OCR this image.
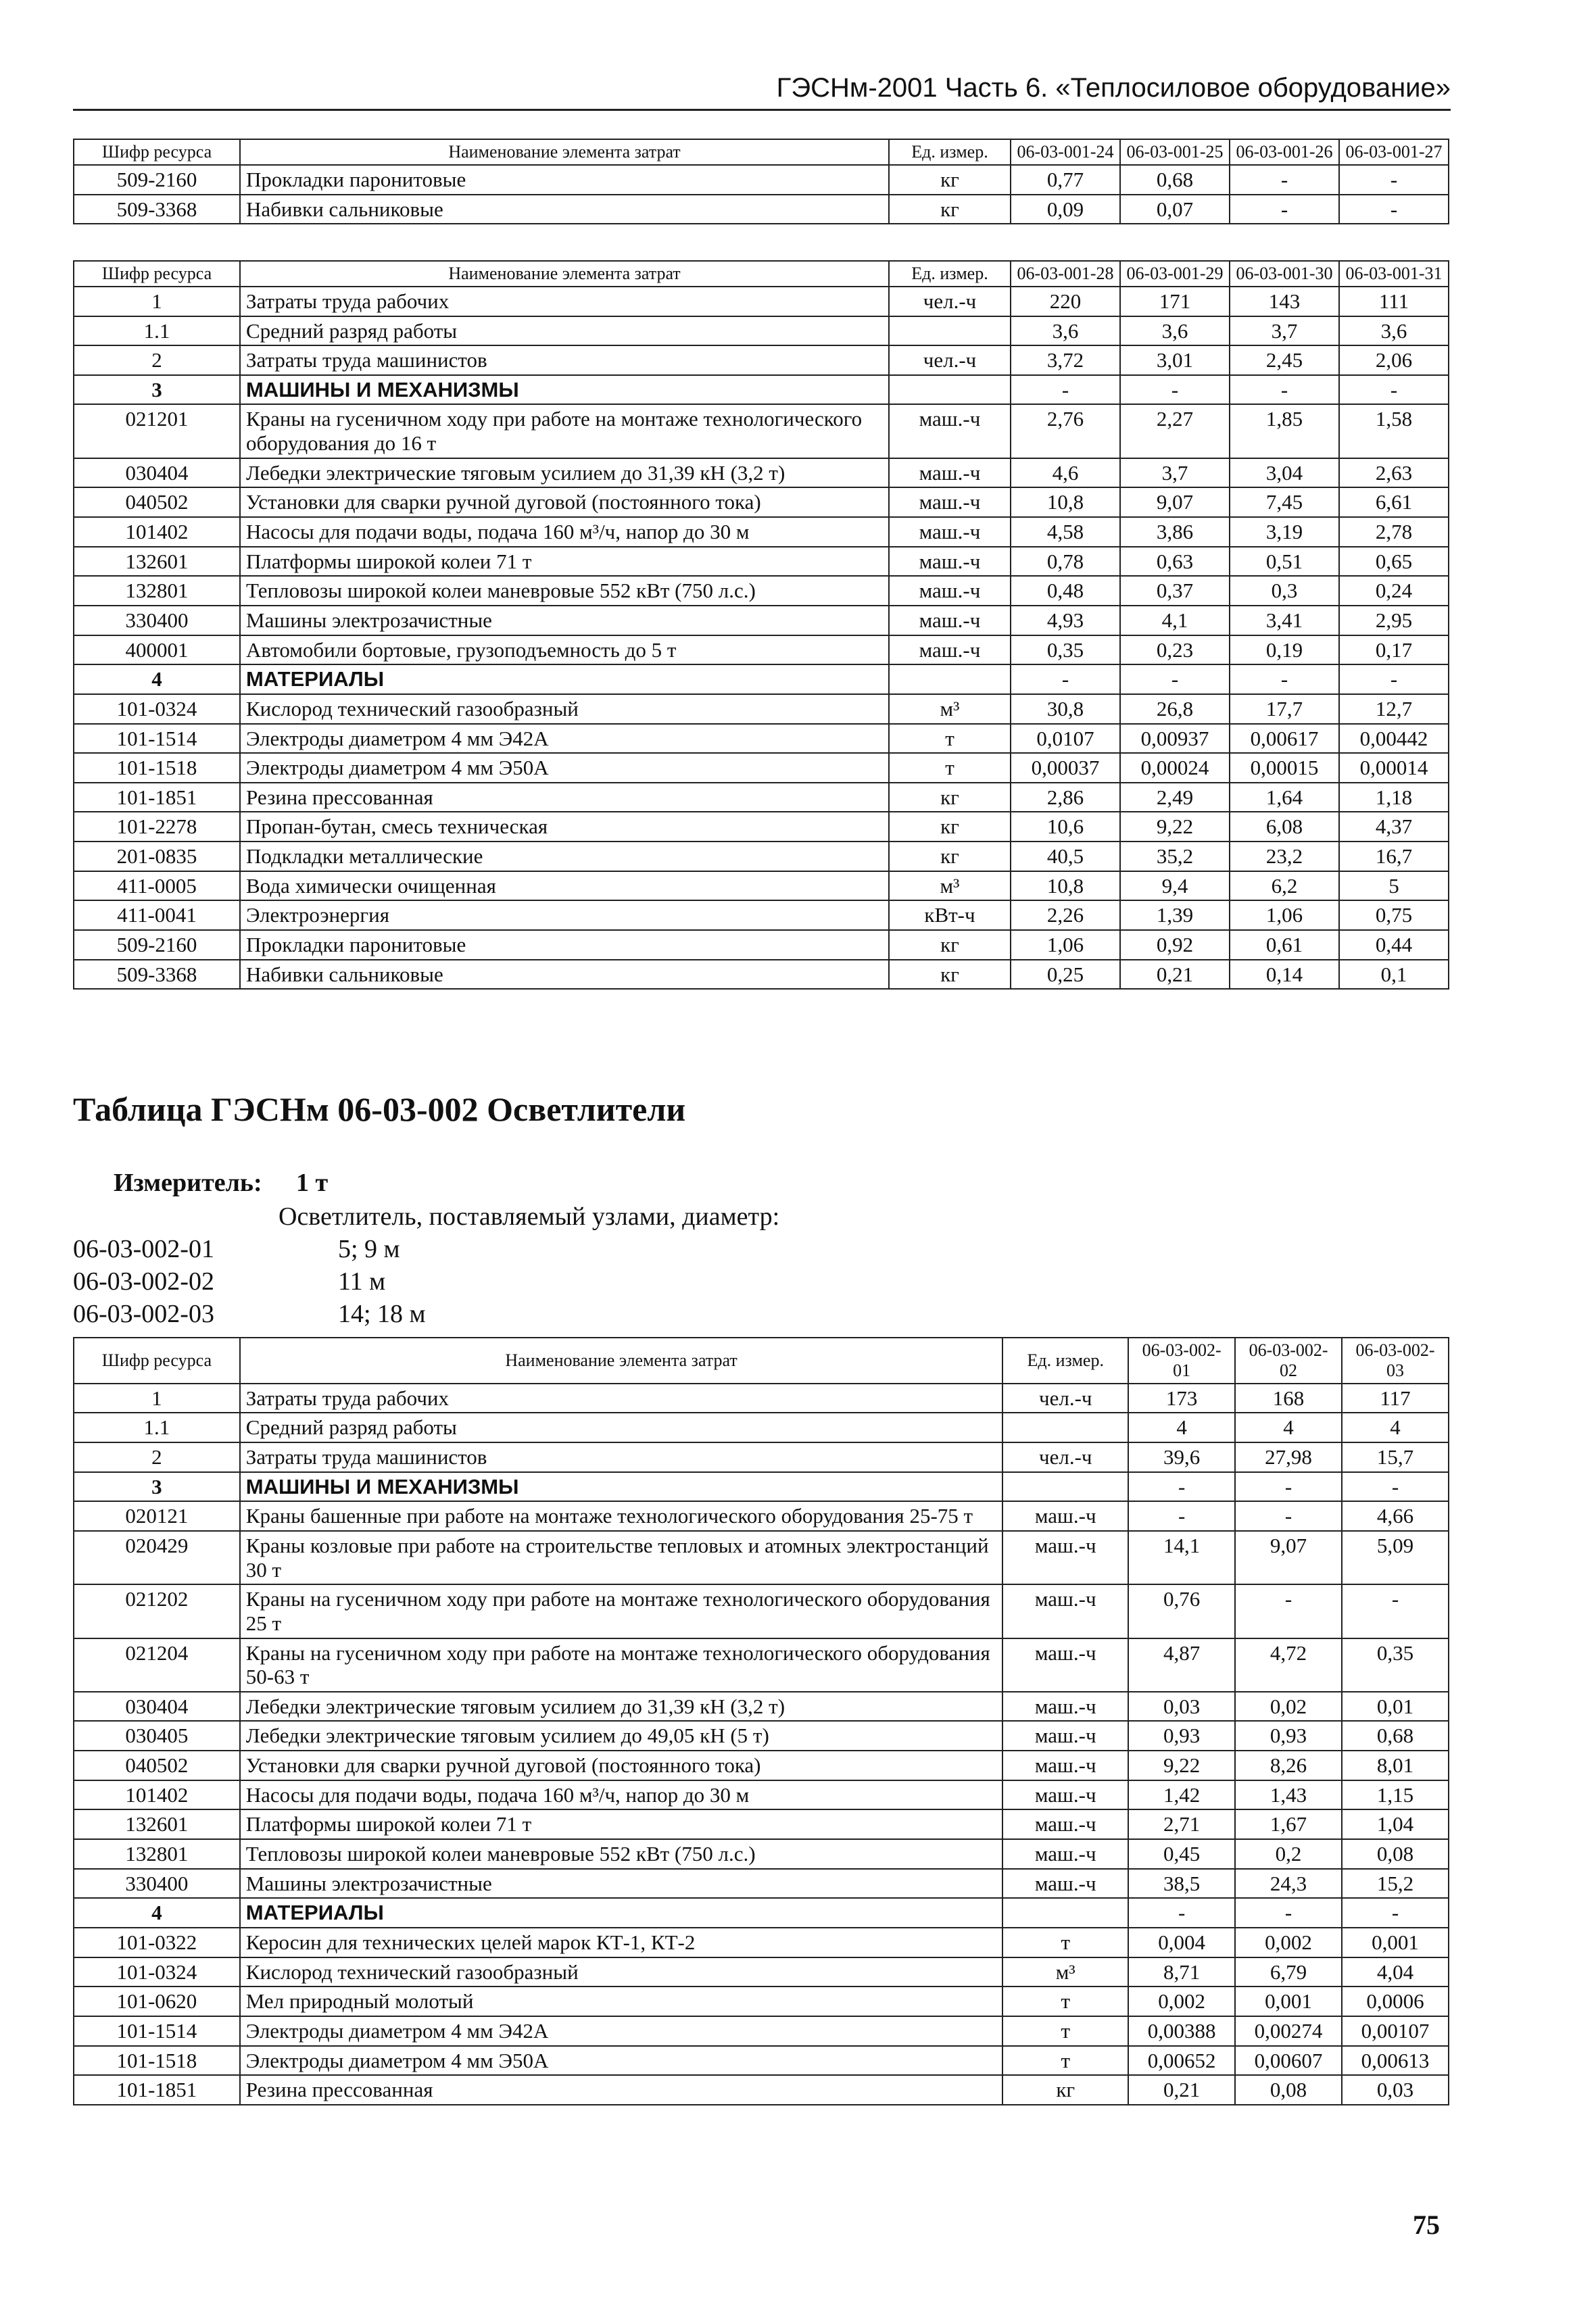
ГЭСНм-2001 Часть 6. «Теплосиловое оборудование»
Шифр ресурса	Наименование элемента затрат	Ед. измер.	06-03-001-24	06-03-001-25	06-03-001-26	06-03-001-27
509-2160	Прокладки паронитовые	кг	0,77	0,68	-	-
509-3368	Набивки сальниковые	кг	0,09	0,07	-	-
Шифр ресурса	Наименование элемента затрат	Ед. измер.	06-03-001-28	06-03-001-29	06-03-001-30	06-03-001-31
1	Затраты труда рабочих	чел.-ч	220	171	143	111
1.1	Средний разряд работы		3,6	3,6	3,7	3,6
2	Затраты труда машинистов	чел.-ч	3,72	3,01	2,45	2,06
3	МАШИНЫ И МЕХАНИЗМЫ		-	-	-	-
021201	Краны на гусеничном ходу при работе на монтаже технологического оборудования до 16 т	маш.-ч	2,76	2,27	1,85	1,58
030404	Лебедки электрические тяговым усилием до 31,39 кН (3,2 т)	маш.-ч	4,6	3,7	3,04	2,63
040502	Установки для сварки ручной дуговой (постоянного тока)	маш.-ч	10,8	9,07	7,45	6,61
101402	Насосы для подачи воды, подача 160 м³/ч, напор до 30 м	маш.-ч	4,58	3,86	3,19	2,78
132601	Платформы широкой колеи 71 т	маш.-ч	0,78	0,63	0,51	0,65
132801	Тепловозы широкой колеи маневровые 552 кВт (750 л.с.)	маш.-ч	0,48	0,37	0,3	0,24
330400	Машины электрозачистные	маш.-ч	4,93	4,1	3,41	2,95
400001	Автомобили бортовые, грузоподъемность до 5 т	маш.-ч	0,35	0,23	0,19	0,17
4	МАТЕРИАЛЫ		-	-	-	-
101-0324	Кислород технический газообразный	м³	30,8	26,8	17,7	12,7
101-1514	Электроды диаметром 4 мм Э42А	т	0,0107	0,00937	0,00617	0,00442
101-1518	Электроды диаметром 4 мм Э50А	т	0,00037	0,00024	0,00015	0,00014
101-1851	Резина прессованная	кг	2,86	2,49	1,64	1,18
101-2278	Пропан-бутан, смесь техническая	кг	10,6	9,22	6,08	4,37
201-0835	Подкладки металлические	кг	40,5	35,2	23,2	16,7
411-0005	Вода химически очищенная	м³	10,8	9,4	6,2	5
411-0041	Электроэнергия	кВт-ч	2,26	1,39	1,06	0,75
509-2160	Прокладки паронитовые	кг	1,06	0,92	0,61	0,44
509-3368	Набивки сальниковые	кг	0,25	0,21	0,14	0,1
Таблица ГЭСНм 06-03-002 Осветлители
Измеритель: 1 т
Осветлитель, поставляемый узлами, диаметр:
06-03-002-01	5; 9 м
06-03-002-02	11 м
06-03-002-03	14; 18 м
Шифр ресурса	Наименование элемента затрат	Ед. измер.	06-03-002-01	06-03-002-02	06-03-002-03
1	Затраты труда рабочих	чел.-ч	173	168	117
1.1	Средний разряд работы		4	4	4
2	Затраты труда машинистов	чел.-ч	39,6	27,98	15,7
3	МАШИНЫ И МЕХАНИЗМЫ		-	-	-
020121	Краны башенные при работе на монтаже технологического оборудования 25-75 т	маш.-ч	-	-	4,66
020429	Краны козловые при работе на строительстве тепловых и атомных электростанций 30 т	маш.-ч	14,1	9,07	5,09
021202	Краны на гусеничном ходу при работе на монтаже технологического оборудования 25 т	маш.-ч	0,76	-	-
021204	Краны на гусеничном ходу при работе на монтаже технологического оборудования 50-63 т	маш.-ч	4,87	4,72	0,35
030404	Лебедки электрические тяговым усилием до 31,39 кН (3,2 т)	маш.-ч	0,03	0,02	0,01
030405	Лебедки электрические тяговым усилием до 49,05 кН (5 т)	маш.-ч	0,93	0,93	0,68
040502	Установки для сварки ручной дуговой (постоянного тока)	маш.-ч	9,22	8,26	8,01
101402	Насосы для подачи воды, подача 160 м³/ч, напор до 30 м	маш.-ч	1,42	1,43	1,15
132601	Платформы широкой колеи 71 т	маш.-ч	2,71	1,67	1,04
132801	Тепловозы широкой колеи маневровые 552 кВт (750 л.с.)	маш.-ч	0,45	0,2	0,08
330400	Машины электрозачистные	маш.-ч	38,5	24,3	15,2
4	МАТЕРИАЛЫ		-	-	-
101-0322	Керосин для технических целей марок КТ-1, КТ-2	т	0,004	0,002	0,001
101-0324	Кислород технический газообразный	м³	8,71	6,79	4,04
101-0620	Мел природный молотый	т	0,002	0,001	0,0006
101-1514	Электроды диаметром 4 мм Э42А	т	0,00388	0,00274	0,00107
101-1518	Электроды диаметром 4 мм Э50А	т	0,00652	0,00607	0,00613
101-1851	Резина прессованная	кг	0,21	0,08	0,03
75
